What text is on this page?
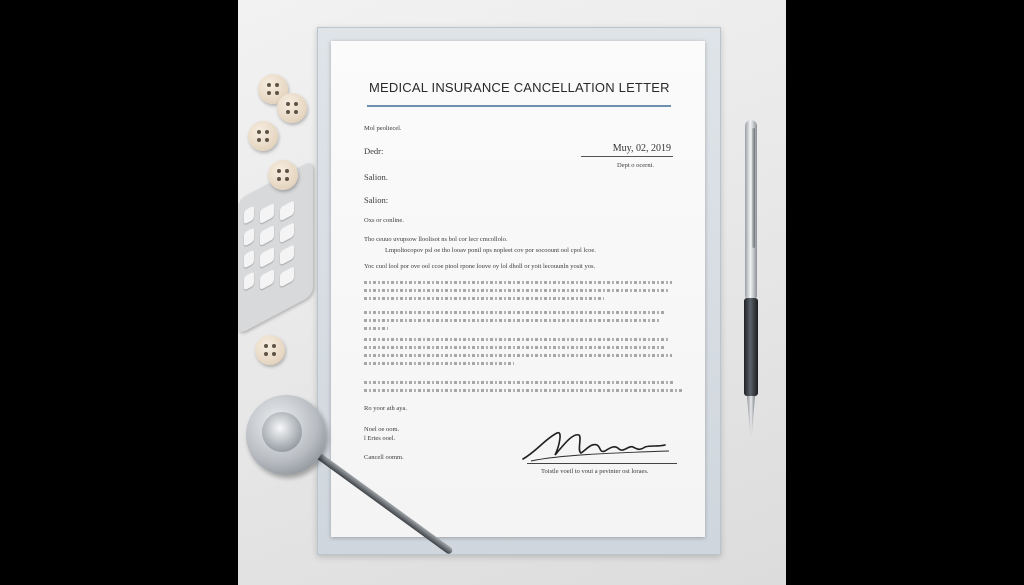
MEDICAL INSURANCE CANCELLATION LETTER
Mol peoliecel.
Dedr:	Muy, 02, 2019
Dept o ocerni.
Salion.
Salion:
Oxs or conline.
Tho ceuuo uvupsow lloolisot ns bol cor lecr cmcollolo.
Lmpoltocopov psl oe tho looav ponil ops nopleet cov por socoount ool cpol lcoe.
Yoc cuol lool por ove ool ccoe piool rpone louve oy lol dholl or yoit lecouunln yosit yos.
Ro yoor ath aya.
Noel oe oom.
l Ertes ooel.
Cancell oomm.
Toistle voeil to voui a pevinter ost loraes.
